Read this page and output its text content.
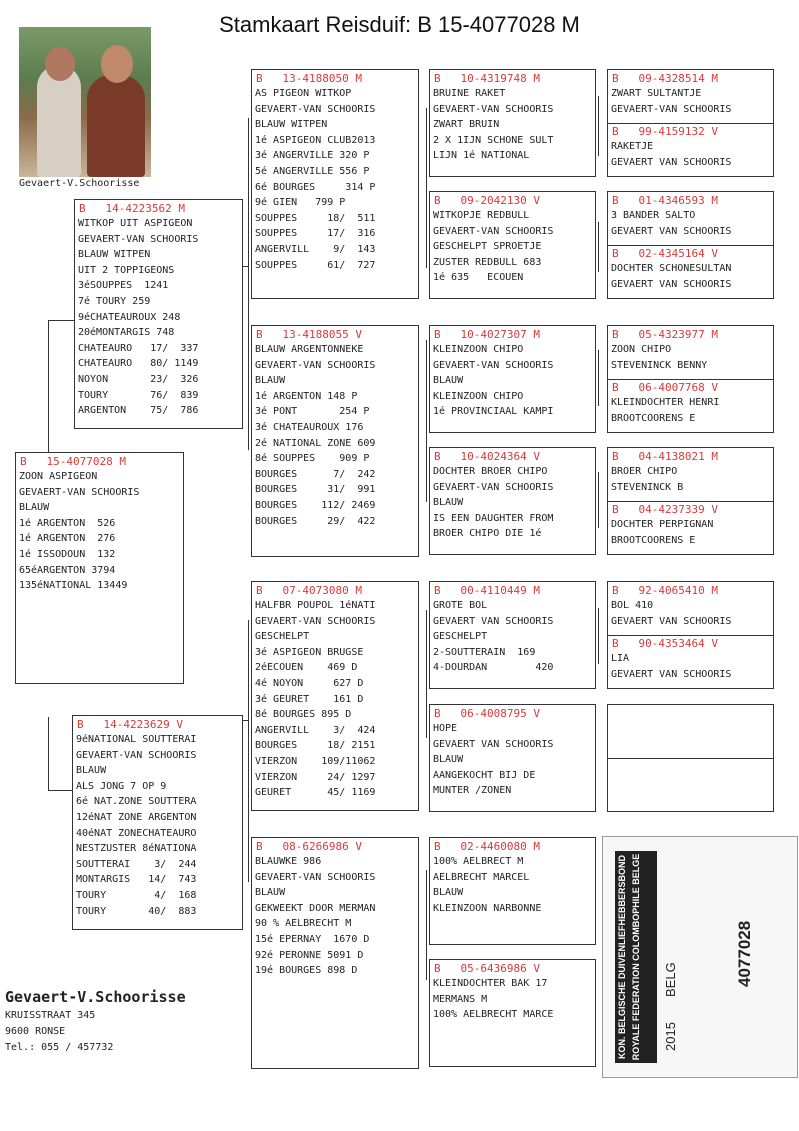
Stamkaart Reisduif: B 15-4077028 M
Gevaert-V.Schoorisse
B   15-4077028 M
ZOON ASPIGEON
GEVAERT-VAN SCHOORIS
BLAUW
1é ARGENTON  526
1é ARGENTON  276
1é ISSODOUN  132
65éARGENTON 3794
135éNATIONAL 13449
B   14-4223562 M
WITKOP UIT ASPIGEON
GEVAERT-VAN SCHOORIS
BLAUW WITPEN
UIT 2 TOPPIGEONS
3éSOUPPES  1241
7é TOURY 259
9éCHATEAUROUX 248
20éMONTARGIS 748
CHATEAURO   17/  337
CHATEAURO   80/ 1149
NOYON       23/  326
TOURY       76/  839
ARGENTON    75/  786
B   14-4223629 V
9éNATIONAL SOUTTERAI
GEVAERT-VAN SCHOORIS
BLAUW
ALS JONG 7 OP 9
6é NAT.ZONE SOUTTERA
12éNAT ZONE ARGENTON
40éNAT ZONECHATEAURO
NESTZUSTER 8éNATIONA
SOUTTERAI    3/  244
MONTARGIS   14/  743
TOURY        4/  168
TOURY       40/  883
B   13-4188050 M
AS PIGEON WITKOP
GEVAERT-VAN SCHOORIS
BLAUW WITPEN
1é ASPIGEON CLUB2013
3é ANGERVILLE 320 P
5é ANGERVILLE 556 P
6é BOURGES     314 P
9é GIEN   799 P
SOUPPES     18/  511
SOUPPES     17/  316
ANGERVILL    9/  143
SOUPPES     61/  727
B   13-4188055 V
BLAUW ARGENTONNEKE
GEVAERT-VAN SCHOORIS
BLAUW
1é ARGENTON 148 P
3é PONT       254 P
3é CHATEAUROUX 176
2é NATIONAL ZONE 609
8é SOUPPES    909 P
BOURGES      7/  242
BOURGES     31/  991
BOURGES    112/ 2469
BOURGES     29/  422
B   07-4073080 M
HALFBR POUPOL 1éNATI
GEVAERT-VAN SCHOORIS
GESCHELPT
3é ASPIGEON BRUGSE
2éECOUEN    469 D
4é NOYON     627 D
3é GEURET    161 D
8é BOURGES 895 D
ANGERVILL    3/  424
BOURGES     18/ 2151
VIERZON    109/11062
VIERZON     24/ 1297
GEURET      45/ 1169
B   08-6266986 V
BLAUWKE 986
GEVAERT-VAN SCHOORIS
BLAUW
GEKWEEKT DOOR MERMAN
90 % AELBRECHT M
15é EPERNAY  1670 D
92é PERONNE 5091 D
19é BOURGES 898 D
B   10-4319748 M
BRUINE RAKET
GEVAERT-VAN SCHOORIS
ZWART BRUIN
2 X 1IJN SCHONE SULT
LIJN 1é NATIONAL
B   09-2042130 V
WITKOPJE REDBULL
GEVAERT-VAN SCHOORIS
GESCHELPT SPROETJE
ZUSTER REDBULL 683
1é 635   ECOUEN
B   10-4027307 M
KLEINZOON CHIPO
GEVAERT-VAN SCHOORIS
BLAUW
KLEINZOON CHIPO
1é PROVINCIAAL KAMPI
B   10-4024364 V
DOCHTER BROER CHIPO
GEVAERT-VAN SCHOORIS
BLAUW
IS EEN DAUGHTER FROM
BROER CHIPO DIE 1é
B   00-4110449 M
GROTE BOL
GEVAERT VAN SCHOORIS
GESCHELPT
2-SOUTTERAIN  169
4-DOURDAN        420
B   06-4008795 V
HOPE
GEVAERT VAN SCHOORIS
BLAUW
AANGEKOCHT BIJ DE
MUNTER /ZONEN
B   02-4460080 M
100% AELBRECT M
AELBRECHT MARCEL
BLAUW
KLEINZOON NARBONNE
B   05-6436986 V
KLEINDOCHTER BAK 17
MERMANS M
100% AELBRECHT MARCE
B   09-4328514 M
ZWART SULTANTJE
GEVAERT-VAN SCHOORIS
B   99-4159132 V
RAKETJE
GEVAERT VAN SCHOORIS
B   01-4346593 M
3 BANDER SALTO
GEVAERT VAN SCHOORIS
B   02-4345164 V
DOCHTER SCHONESULTAN
GEVAERT VAN SCHOORIS
B   05-4323977 M
ZOON CHIPO
STEVENINCK BENNY
B   06-4007768 V
KLEINDOCHTER HENRI
BROOTCOORENS E
B   04-4138021 M
BROER CHIPO
STEVENINCK B
B   04-4237339 V
DOCHTER PERPIGNAN
BROOTCOORENS E
B   92-4065410 M
BOL 410
GEVAERT VAN SCHOORIS
B   90-4353464 V
LIA
GEVAERT VAN SCHOORIS
Gevaert-V.Schoorisse
KRUISSTRAAT 345
9600 RONSE
Tel.: 055 / 457732	KON. BELGISCHE DUIVENLIEFHEBBERSBOND ROYALE FEDERATION COLOMBOPHILE BELGE 2015
BELG	4077028
